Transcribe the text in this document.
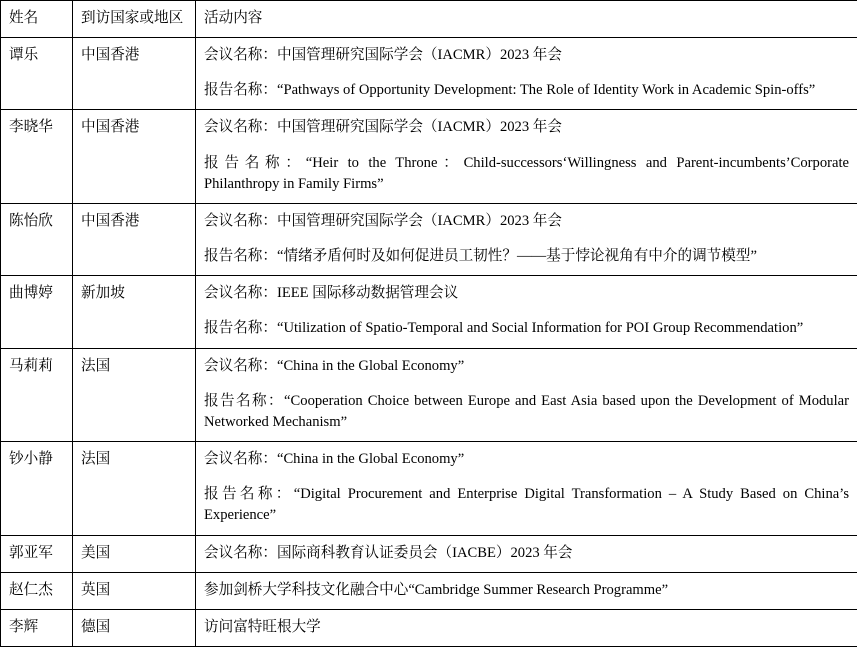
姓名	到访国家或地区	活动内容
谭乐	中国香港	会议名称：中国管理研究国际学会（IACMR）2023 年会
报告名称：“Pathways of Opportunity Development: The Role of Identity Work in Academic Spin-offs”

李晓华	中国香港	会议名称：中国管理研究国际学会（IACMR）2023 年会
报告名称：“Heir to the Throne：Child-successors‘Willingness and Parent-incumbents’Corporate Philanthropy in Family Firms”

陈怡欣	中国香港	会议名称：中国管理研究国际学会（IACMR）2023 年会
报告名称：“情绪矛盾何时及如何促进员工韧性？——基于悖论视角有中介的调节模型”

曲博婷	新加坡	会议名称：IEEE 国际移动数据管理会议
报告名称：“Utilization of Spatio-Temporal and Social Information for POI Group Recommendation”

马莉莉	法国	会议名称：“China in the Global Economy”
报告名称：“Cooperation Choice between Europe and East Asia based upon the Development of Modular Networked Mechanism”

钞小静	法国	会议名称：“China in the Global Economy”
报告名称：“Digital Procurement and Enterprise Digital Transformation – A Study Based on China’s Experience”

郭亚军	美国	会议名称：国际商科教育认证委员会（IACBE）2023 年会

赵仁杰	英国	参加剑桥大学科技文化融合中心“Cambridge Summer Research Programme”

李辉	德国	访问富特旺根大学
